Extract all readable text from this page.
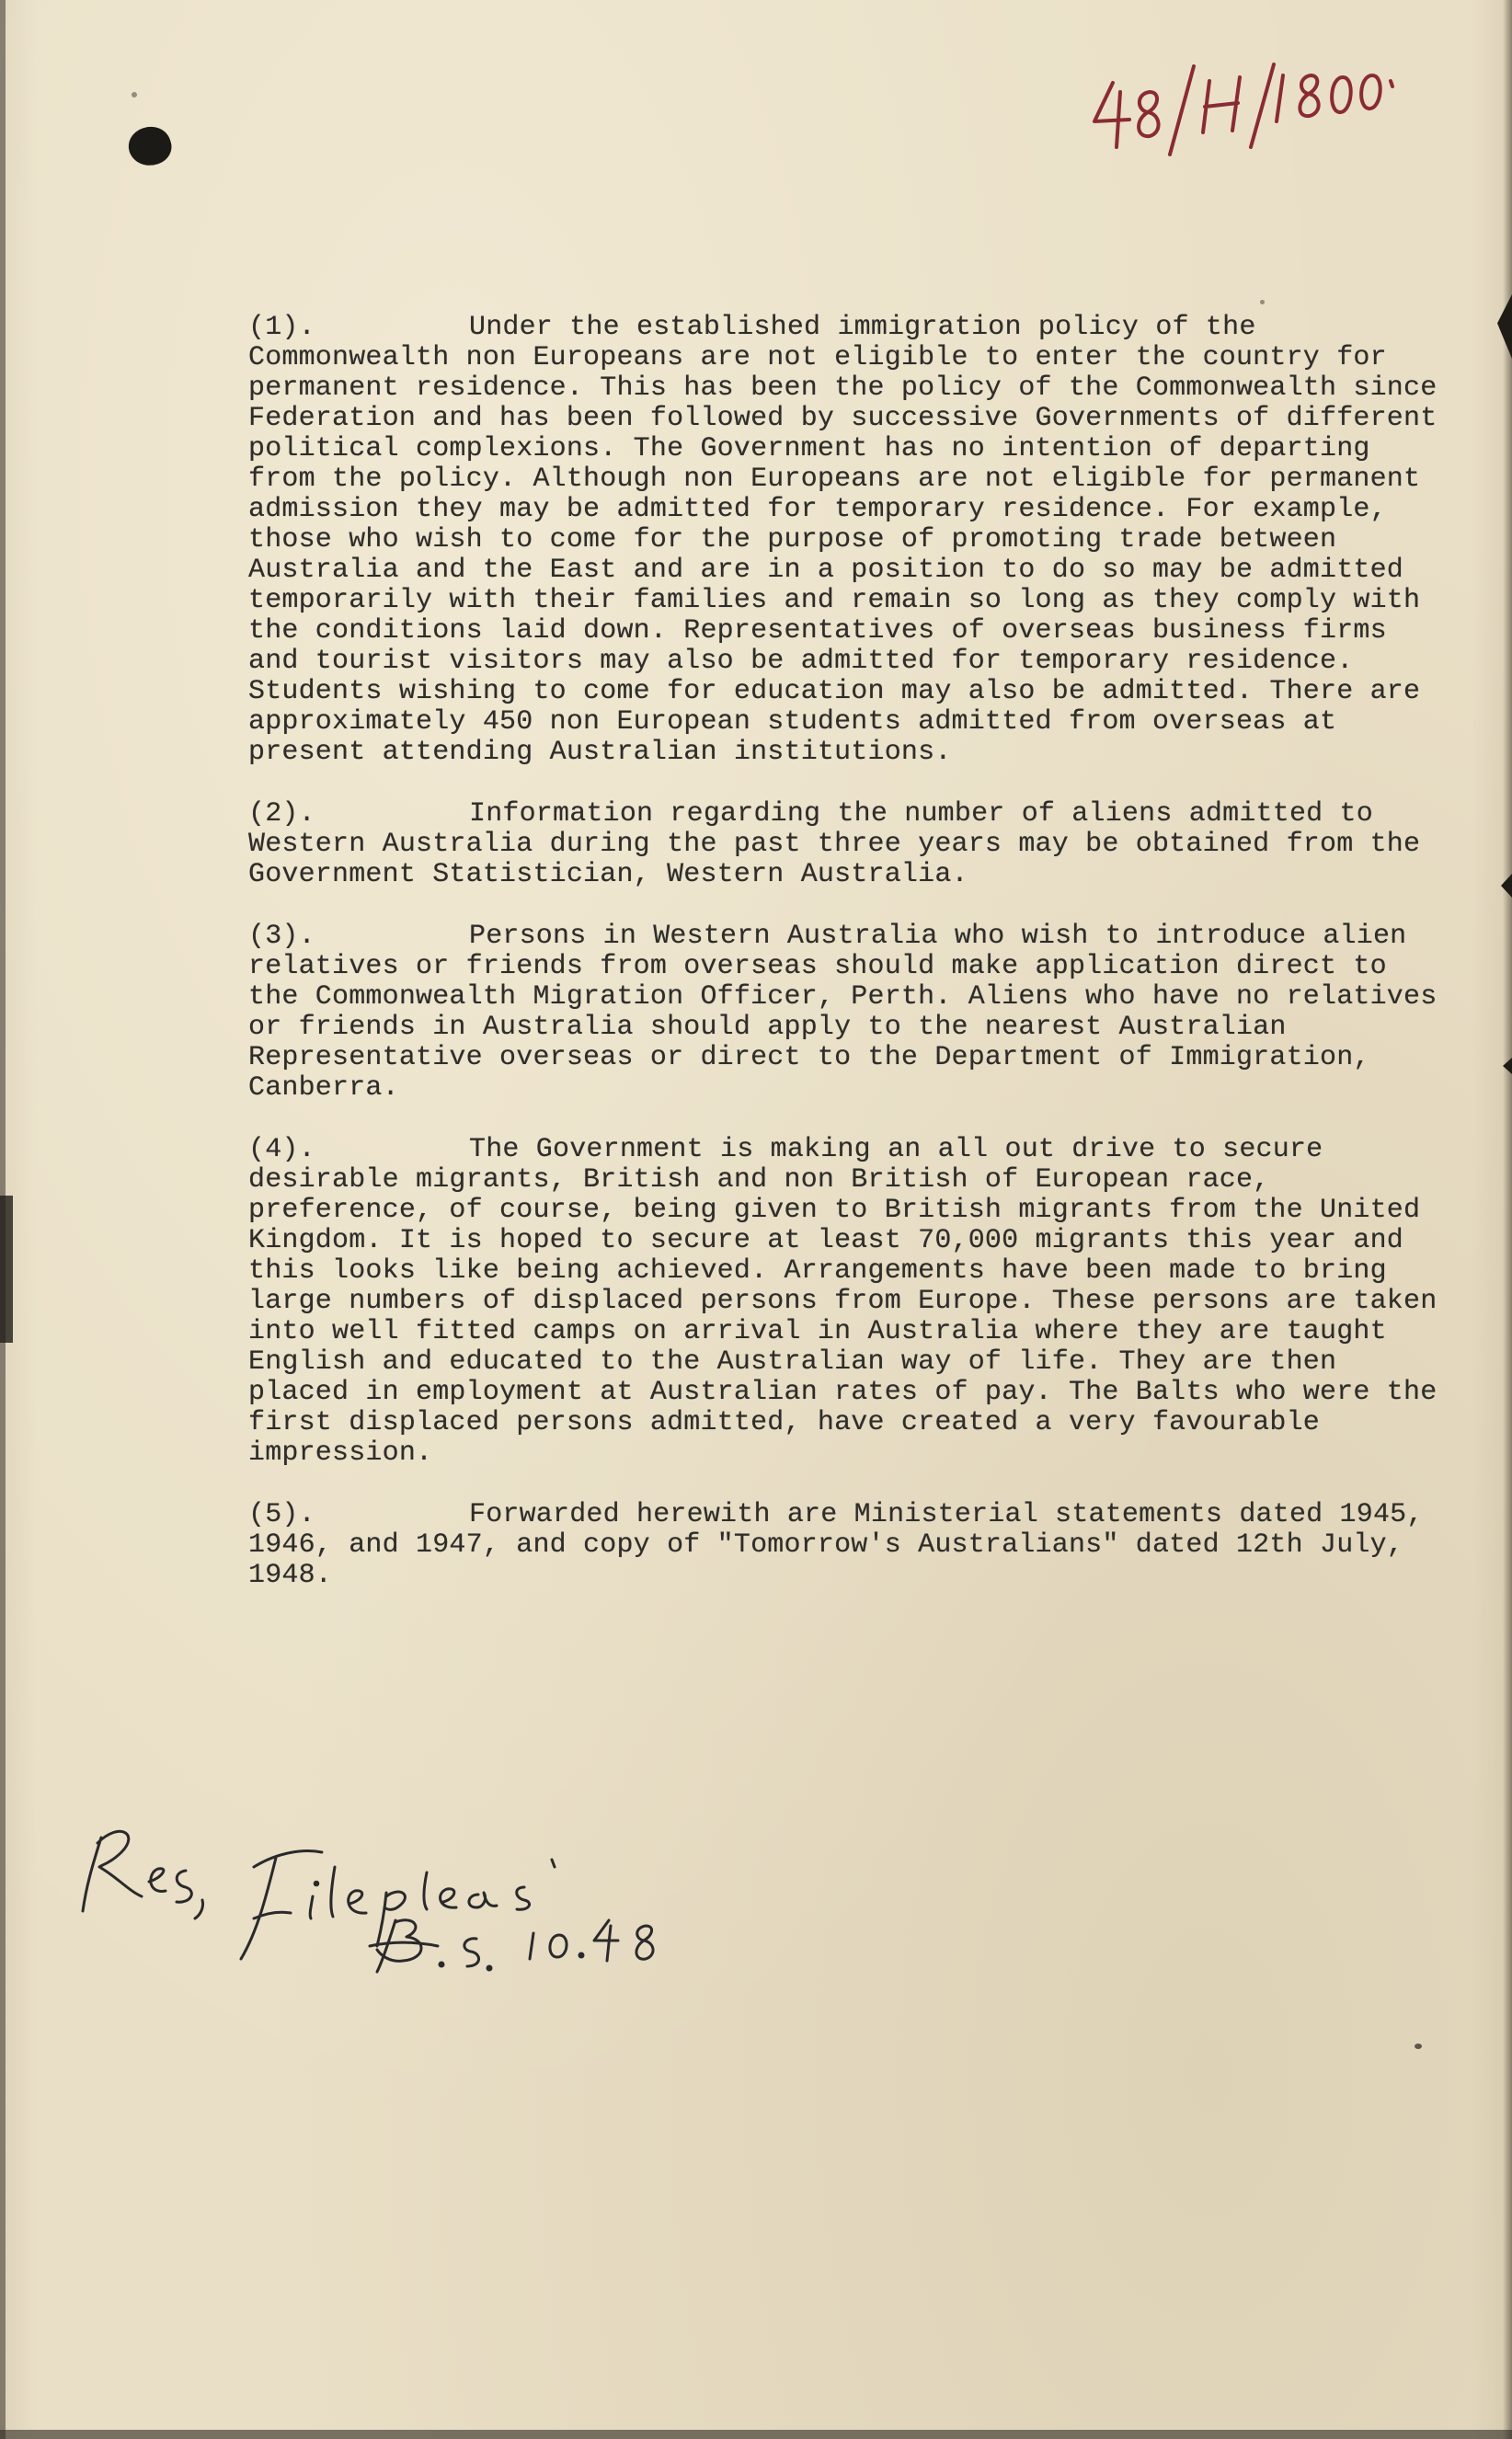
(1).	Under the established immigration policy of the Commonwealth non Europeans are not eligible to enter the country for permanent residence. This has been the policy of the Commonwealth since Federation and has been followed by successive Governments of different political complexions. The Government has no intention of departing from the policy. Although non Europeans are not eligible for permanent admission they may be admitted for temporary residence. For example, those who wish to come for the purpose of promoting trade between Australia and the East and are in a position to do so may be admitted temporarily with their families and remain so long as they comply with the conditions laid down. Representatives of overseas business firms and tourist visitors may also be admitted for temporary residence. Students wishing to come for education may also be admitted. There are approximately 450 non European students admitted from overseas at present attending Australian institutions.

(2).	Information regarding the number of aliens admitted to Western Australia during the past three years may be obtained from the Government Statistician, Western Australia.

(3).	Persons in Western Australia who wish to introduce alien relatives or friends from overseas should make application direct to the Commonwealth Migration Officer, Perth. Aliens who have no relatives or friends in Australia should apply to the nearest Australian Representative overseas or direct to the Department of Immigration, Canberra.

(4).	The Government is making an all out drive to secure desirable migrants, British and non British of European race, preference, of course, being given to British migrants from the United Kingdom. It is hoped to secure at least 70,000 migrants this year and this looks like being achieved. Arrangements have been made to bring large numbers of displaced persons from Europe. These persons are taken into well fitted camps on arrival in Australia where they are taught English and educated to the Australian way of life. They are then placed in employment at Australian rates of pay. The Balts who were the first displaced persons admitted, have created a very favourable impression.

(5).	Forwarded herewith are Ministerial statements dated 1945, 1946, and 1947, and copy of "Tomorrow's Australians" dated 12th July, 1948.
